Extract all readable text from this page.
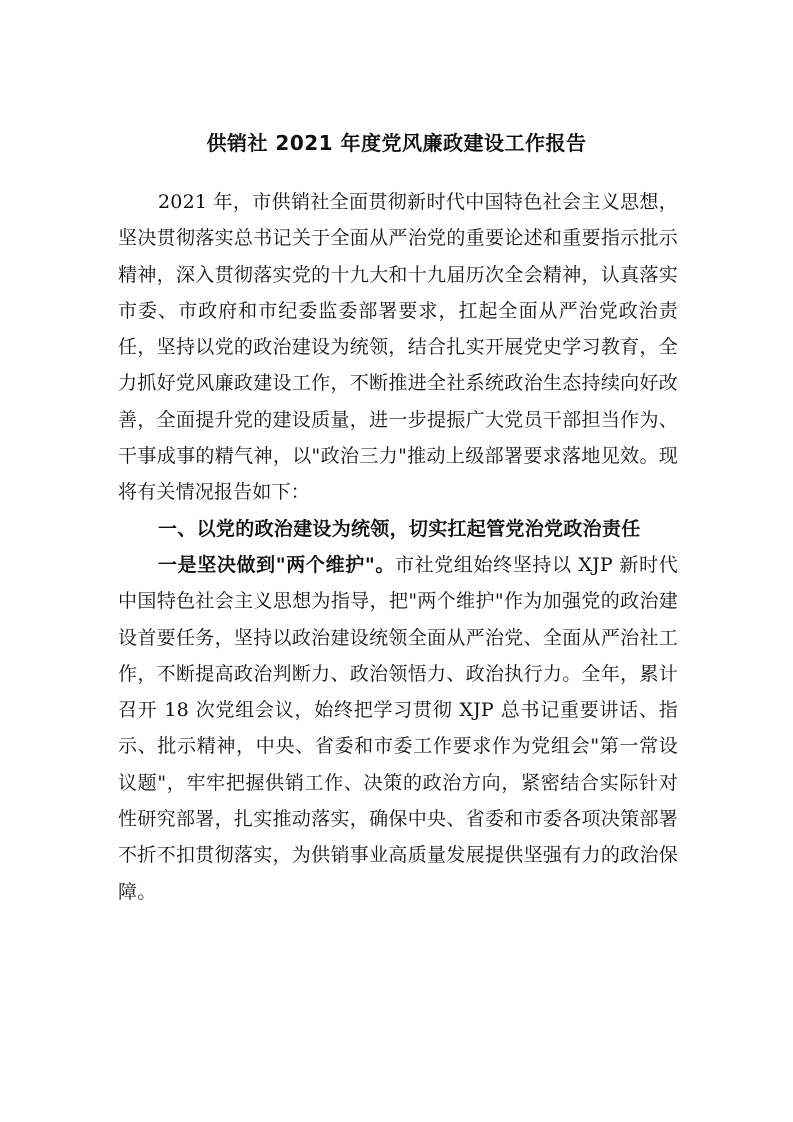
供销社 2021 年度党风廉政建设工作报告

2021 年，市供销社全面贯彻新时代中国特色社会主义思想，坚决贯彻落实总书记关于全面从严治党的重要论述和重要指示批示精神，深入贯彻落实党的十九大和十九届历次全会精神，认真落实市委、市政府和市纪委监委部署要求，扛起全面从严治党政治责任，坚持以党的政治建设为统领，结合扎实开展党史学习教育，全力抓好党风廉政建设工作，不断推进全社系统政治生态持续向好改善，全面提升党的建设质量，进一步提振广大党员干部担当作为、干事成事的精气神，以"政治三力"推动上级部署要求落地见效。现将有关情况报告如下：

一、以党的政治建设为统领，切实扛起管党治党政治责任

一是坚决做到"两个维护"。市社党组始终坚持以 XJP 新时代中国特色社会主义思想为指导，把"两个维护"作为加强党的政治建设首要任务，坚持以政治建设统领全面从严治党、全面从严治社工作，不断提高政治判断力、政治领悟力、政治执行力。全年，累计召开 18 次党组会议，始终把学习贯彻 XJP 总书记重要讲话、指示、批示精神，中央、省委和市委工作要求作为党组会"第一常设议题"，牢牢把握供销工作、决策的政治方向，紧密结合实际针对性研究部署，扎实推动落实，确保中央、省委和市委各项决策部署不折不扣贯彻落实，为供销事业高质量发展提供坚强有力的政治保障。
